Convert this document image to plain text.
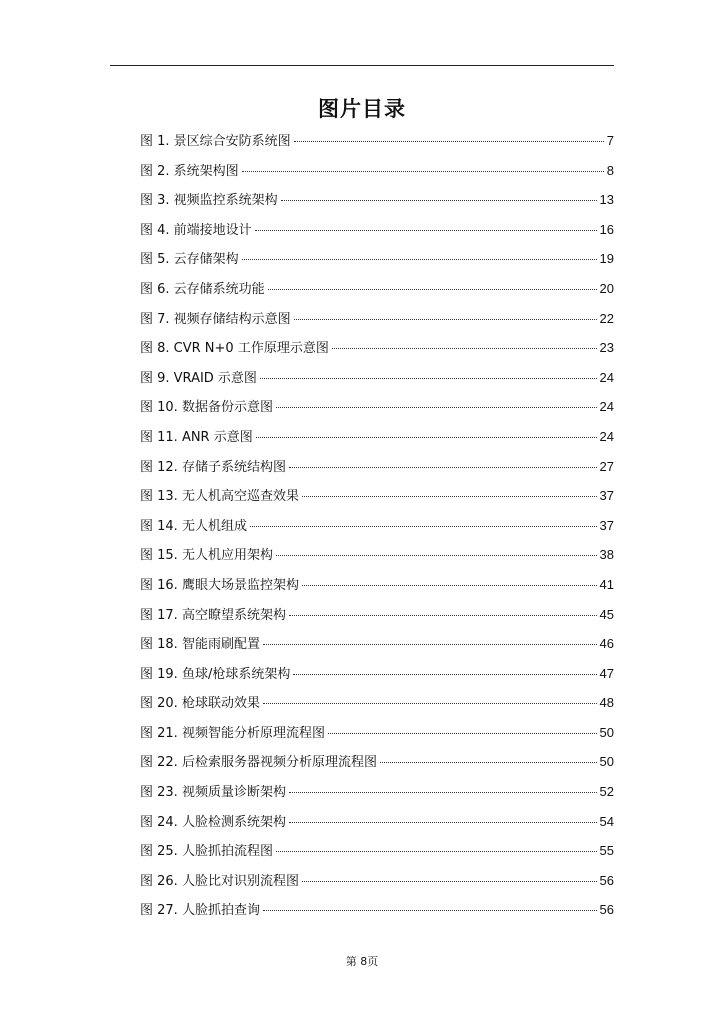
图片目录
图 1. 景区综合安防系统图	7
图 2. 系统架构图	8
图 3. 视频监控系统架构	13
图 4. 前端接地设计	16
图 5. 云存储架构	19
图 6. 云存储系统功能	20
图 7. 视频存储结构示意图	22
图 8. CVR N+0 工作原理示意图	23
图 9. VRAID 示意图	24
图 10. 数据备份示意图	24
图 11. ANR 示意图	24
图 12. 存储子系统结构图	27
图 13. 无人机高空巡查效果	37
图 14. 无人机组成	37
图 15. 无人机应用架构	38
图 16. 鹰眼大场景监控架构	41
图 17. 高空瞭望系统架构	45
图 18. 智能雨刷配置	46
图 19. 鱼球/枪球系统架构	47
图 20. 枪球联动效果	48
图 21. 视频智能分析原理流程图	50
图 22. 后检索服务器视频分析原理流程图	50
图 23. 视频质量诊断架构	52
图 24. 人脸检测系统架构	54
图 25. 人脸抓拍流程图	55
图 26. 人脸比对识别流程图	56
图 27. 人脸抓拍查询	56
第 8页
